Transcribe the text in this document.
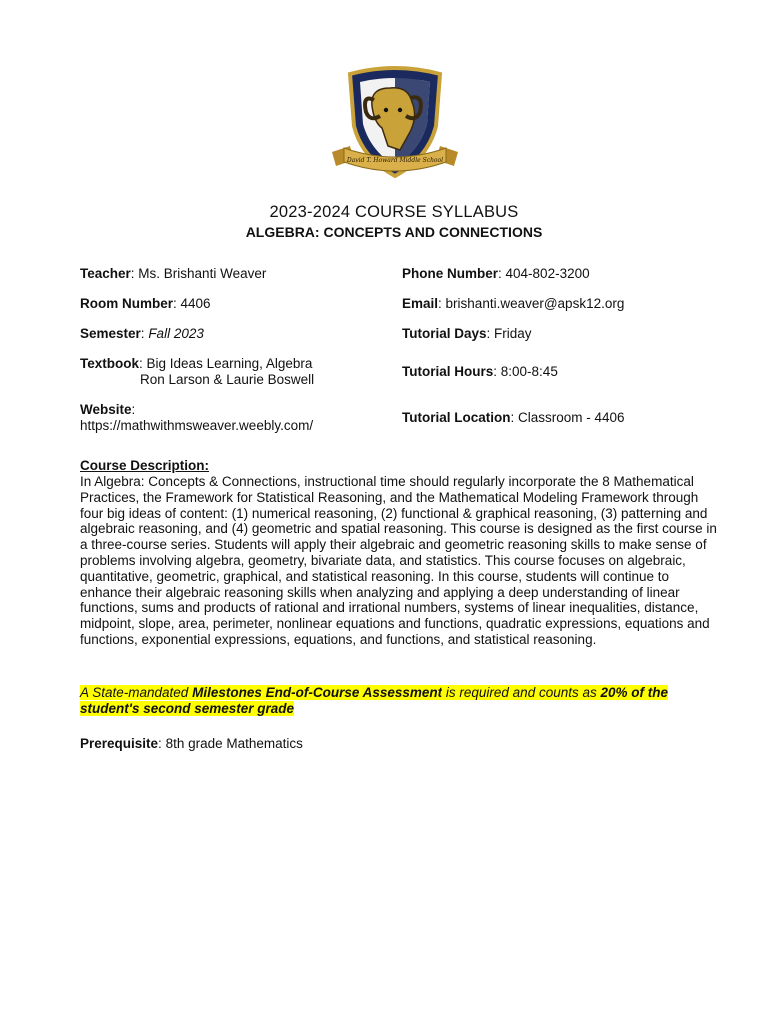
David T. Howard Middle School
2023-2024 COURSE SYLLABUS
ALGEBRA: CONCEPTS AND CONNECTIONS
Teacher: Ms. Brishanti Weaver
Room Number: 4406
Semester: Fall 2023
Textbook: Big Ideas Learning, Algebra
Ron Larson & Laurie Boswell
Website:
https://mathwithmsweaver.weebly.com/
Phone Number: 404-802-3200
Email: brishanti.weaver@apsk12.org
Tutorial Days: Friday
Tutorial Hours: 8:00-8:45
Tutorial Location: Classroom - 4406
Course Description:
In Algebra: Concepts & Connections, instructional time should regularly incorporate the 8 Mathematical Practices, the Framework for Statistical Reasoning, and the Mathematical Modeling Framework through four big ideas of content: (1) numerical reasoning, (2) functional & graphical reasoning, (3) patterning and algebraic reasoning, and (4) geometric and spatial reasoning. This course is designed as the first course in a three-course series. Students will apply their algebraic and geometric reasoning skills to make sense of problems involving algebra, geometry, bivariate data, and statistics. This course focuses on algebraic, quantitative, geometric, graphical, and statistical reasoning. In this course, students will continue to enhance their algebraic reasoning skills when analyzing and applying a deep understanding of linear functions, sums and products of rational and irrational numbers, systems of linear inequalities, distance, midpoint, slope, area, perimeter, nonlinear equations and functions, quadratic expressions, equations and functions, exponential expressions, equations, and functions, and statistical reasoning.
A State-mandated Milestones End-of-Course Assessment is required and counts as 20% of the student's second semester grade
Prerequisite: 8th grade Mathematics
